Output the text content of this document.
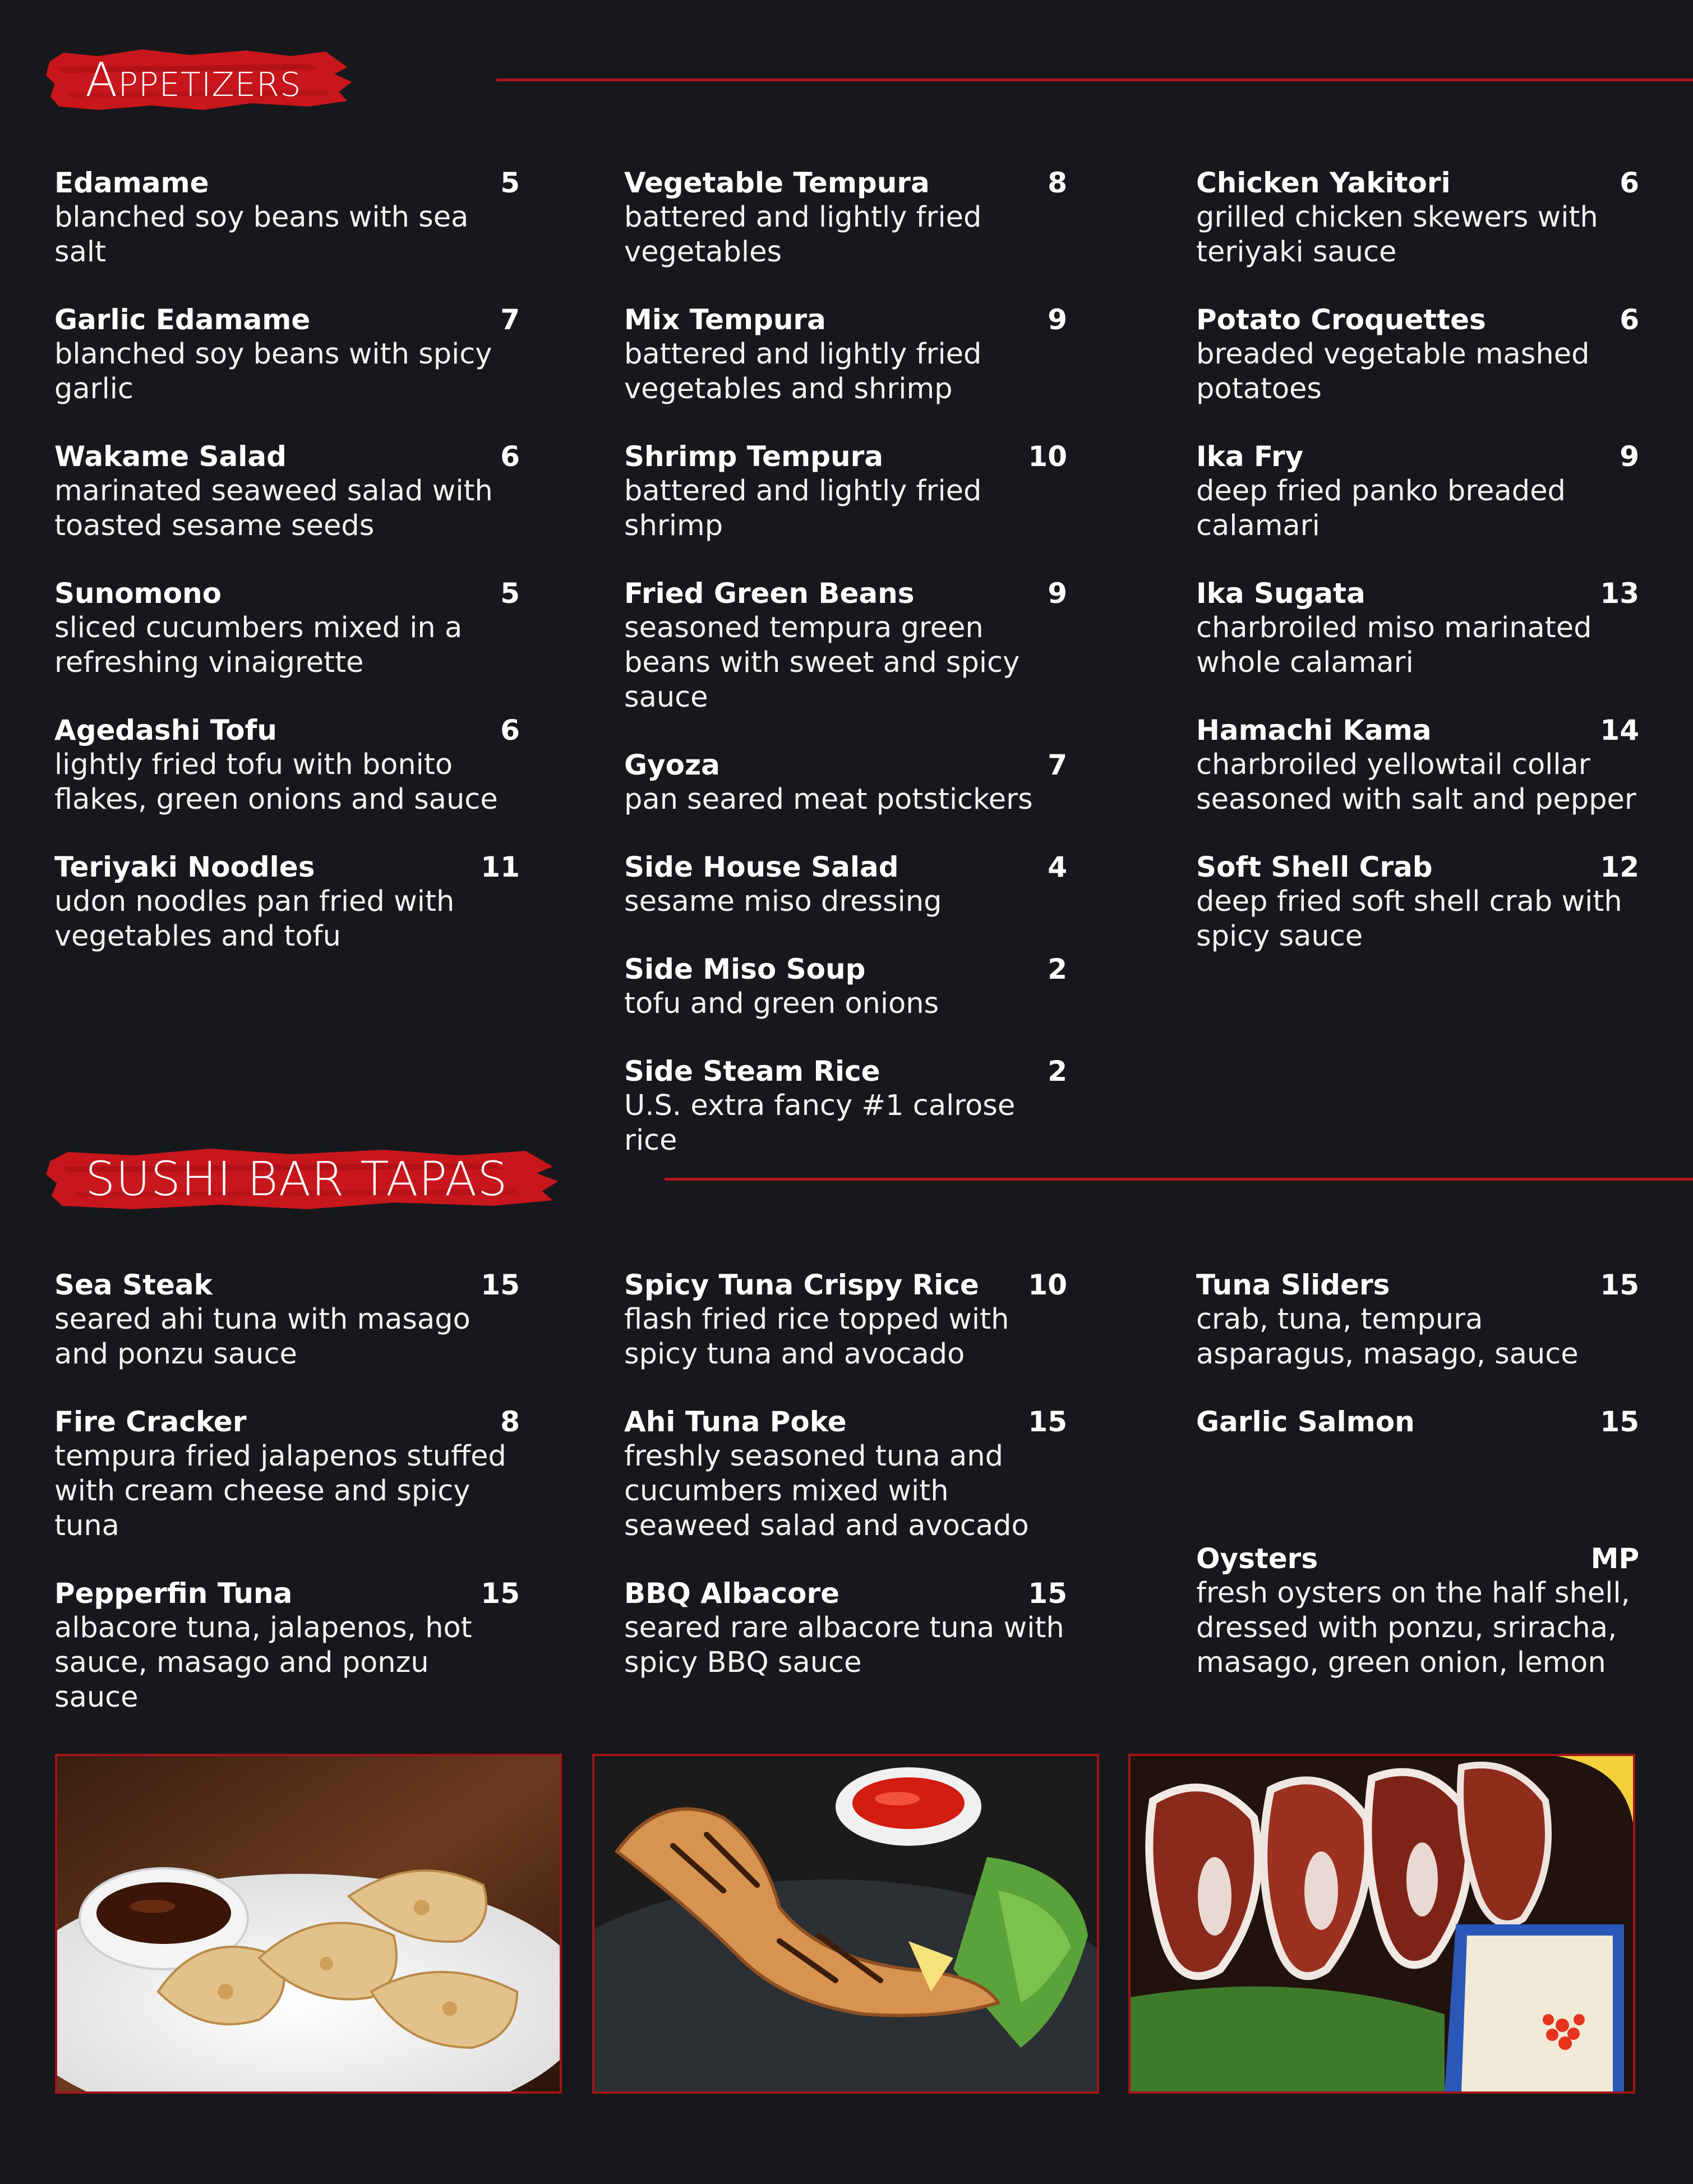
Appetizers
Edamame	5
blanched soy beans with sea salt
Garlic Edamame	7
blanched soy beans with spicy garlic
Wakame Salad	6
marinated seaweed salad with toasted sesame seeds
Sunomono	5
sliced cucumbers mixed in a refreshing vinaigrette
Agedashi Tofu	6
lightly fried tofu with bonito flakes, green onions and sauce
Teriyaki Noodles	11
udon noodles pan fried with vegetables and tofu
Vegetable Tempura	8
battered and lightly fried vegetables
Mix Tempura	9
battered and lightly fried vegetables and shrimp
Shrimp Tempura	10
battered and lightly fried shrimp
Fried Green Beans	9
seasoned tempura green beans with sweet and spicy sauce
Gyoza	7
pan seared meat potstickers
Side House Salad	4
sesame miso dressing
Side Miso Soup	2
tofu and green onions
Side Steam Rice	2
U.S. extra fancy #1 calrose rice
Chicken Yakitori	6
grilled chicken skewers with teriyaki sauce
Potato Croquettes	6
breaded vegetable mashed potatoes
Ika Fry	9
deep fried panko breaded calamari
Ika Sugata	13
charbroiled miso marinated whole calamari
Hamachi Kama	14
charbroiled yellowtail collar seasoned with salt and pepper
Soft Shell Crab	12
deep fried soft shell crab with spicy sauce
SUSHI BAR TAPAS
Sea Steak	15
seared ahi tuna with masago and ponzu sauce
Fire Cracker	8
tempura fried jalapenos stuffed with cream cheese and spicy tuna
Pepperfin Tuna	15
albacore tuna, jalapenos, hot sauce, masago and ponzu sauce
Spicy Tuna Crispy Rice	10
flash fried rice topped with spicy tuna and avocado
Ahi Tuna Poke	15
freshly seasoned tuna and cucumbers mixed with seaweed salad and avocado
BBQ Albacore	15
seared rare albacore tuna with spicy BBQ sauce
Tuna Sliders	15
crab, tuna, tempura asparagus, masago, sauce
Garlic Salmon	15
Oysters	MP
fresh oysters on the half shell, dressed with ponzu, sriracha, masago, green onion, lemon
